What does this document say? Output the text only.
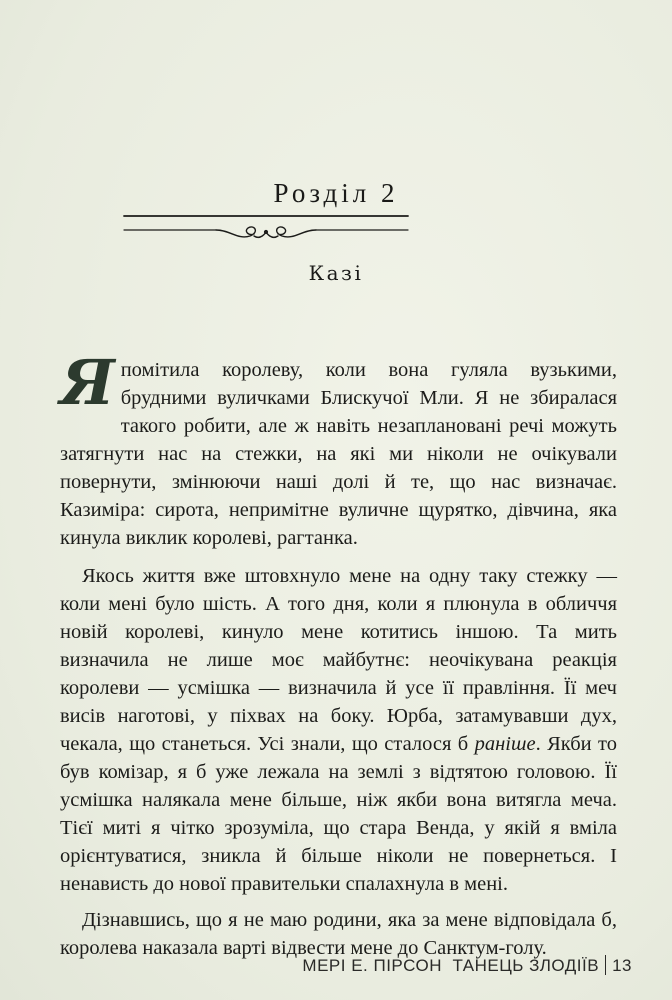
Розділ 2
Казі

Я помітила королеву, коли вона гуляла вузькими, брудними вуличками Блискучої Мли. Я не збиралася такого робити, але ж навіть незаплановані речі можуть затягнути нас на стежки, на які ми ніколи не очікували повернути, змінюючи наші долі й те, що нас визначає. Казиміра: сирота, непримітне вуличне щурятко, дівчина, яка кинула виклик королеві, рагтанка.

Якось життя вже штовхнуло мене на одну таку стежку — коли мені було шість. А того дня, коли я плюнула в обличчя новій королеві, кинуло мене котитись іншою. Та мить визначила не лише моє майбутнє: неочікувана реакція королеви — усмішка — визначила й усе її правління. Її меч висів наготові, у піхвах на боку. Юрба, затамувавши дух, чекала, що станеться. Усі знали, що сталося б раніше. Якби то був комізар, я б уже лежала на землі з відтятою головою. Її усмішка налякала мене більше, ніж якби вона витягла меча. Тієї миті я чітко зрозуміла, що стара Венда, у якій я вміла орієнтуватися, зникла й більше ніколи не повернеться. І ненависть до нової правительки спалахнула в мені.

Дізнавшись, що я не маю родини, яка за мене відповідала б, королева наказала варті відвести мене до Санктум-голу.

МЕРІ Е. ПІРСОН ТАНЕЦЬ ЗЛОДІЇВ 13
